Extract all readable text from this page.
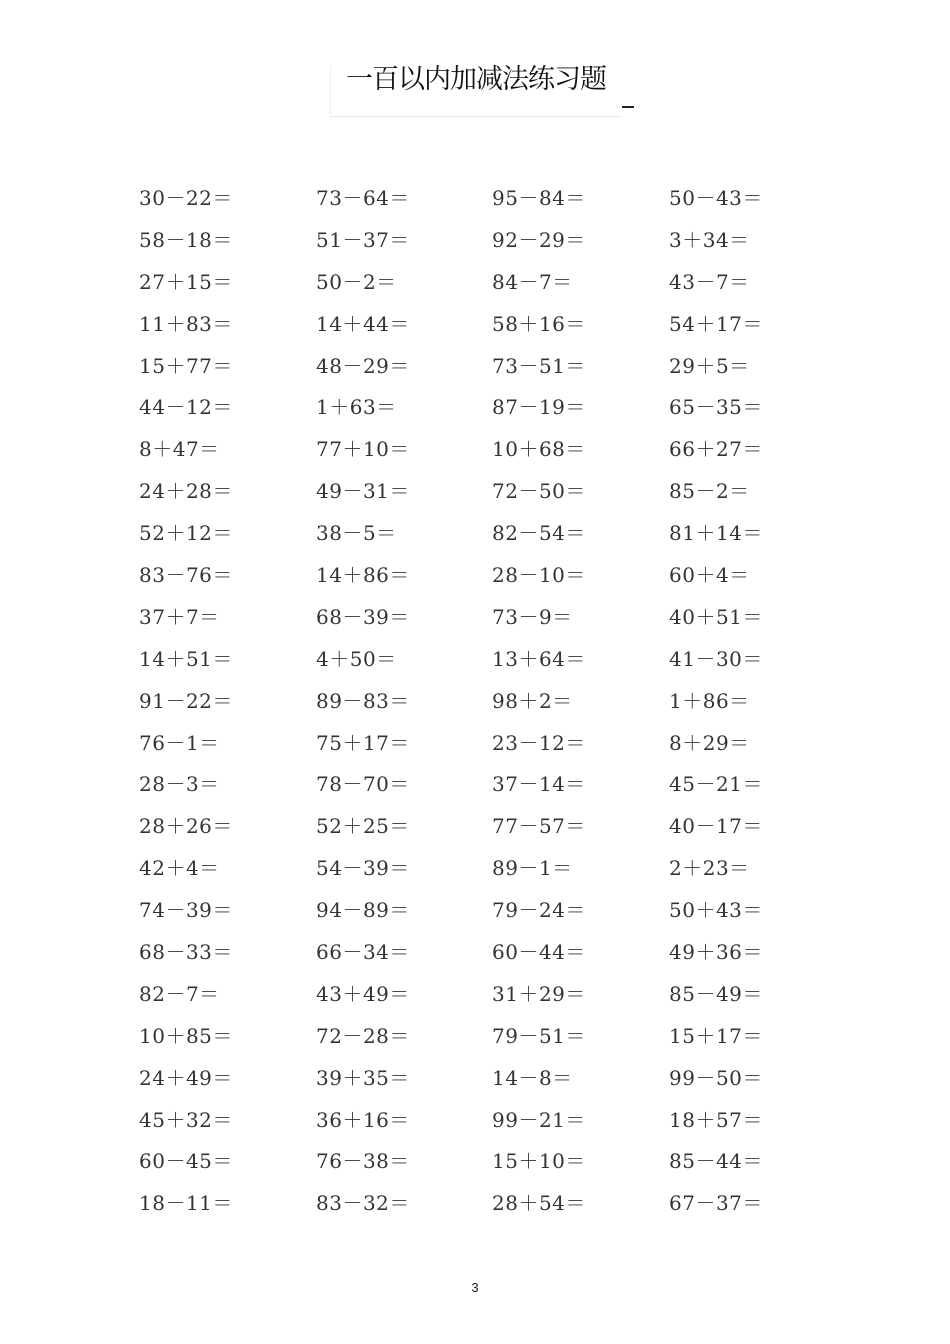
一百以内加减法练习题
30－22＝	73－64＝	95－84＝	50－43＝
58－18＝	51－37＝	92－29＝	3＋34＝
27＋15＝	50－2＝	84－7＝	43－7＝
11＋83＝	14＋44＝	58＋16＝	54＋17＝
15＋77＝	48－29＝	73－51＝	29＋5＝
44－12＝	1＋63＝	87－19＝	65－35＝
8＋47＝	77＋10＝	10＋68＝	66＋27＝
24＋28＝	49－31＝	72－50＝	85－2＝
52＋12＝	38－5＝	82－54＝	81＋14＝
83－76＝	14＋86＝	28－10＝	60＋4＝
37＋7＝	68－39＝	73－9＝	40＋51＝
14＋51＝	4＋50＝	13＋64＝	41－30＝
91－22＝	89－83＝	98＋2＝	1＋86＝
76－1＝	75＋17＝	23－12＝	8＋29＝
28－3＝	78－70＝	37－14＝	45－21＝
28＋26＝	52＋25＝	77－57＝	40－17＝
42＋4＝	54－39＝	89－1＝	2＋23＝
74－39＝	94－89＝	79－24＝	50＋43＝
68－33＝	66－34＝	60－44＝	49＋36＝
82－7＝	43＋49＝	31＋29＝	85－49＝
10＋85＝	72－28＝	79－51＝	15＋17＝
24＋49＝	39＋35＝	14－8＝	99－50＝
45＋32＝	36＋16＝	99－21＝	18＋57＝
60－45＝	76－38＝	15＋10＝	85－44＝
18－11＝	83－32＝	28＋54＝	67－37＝
3
